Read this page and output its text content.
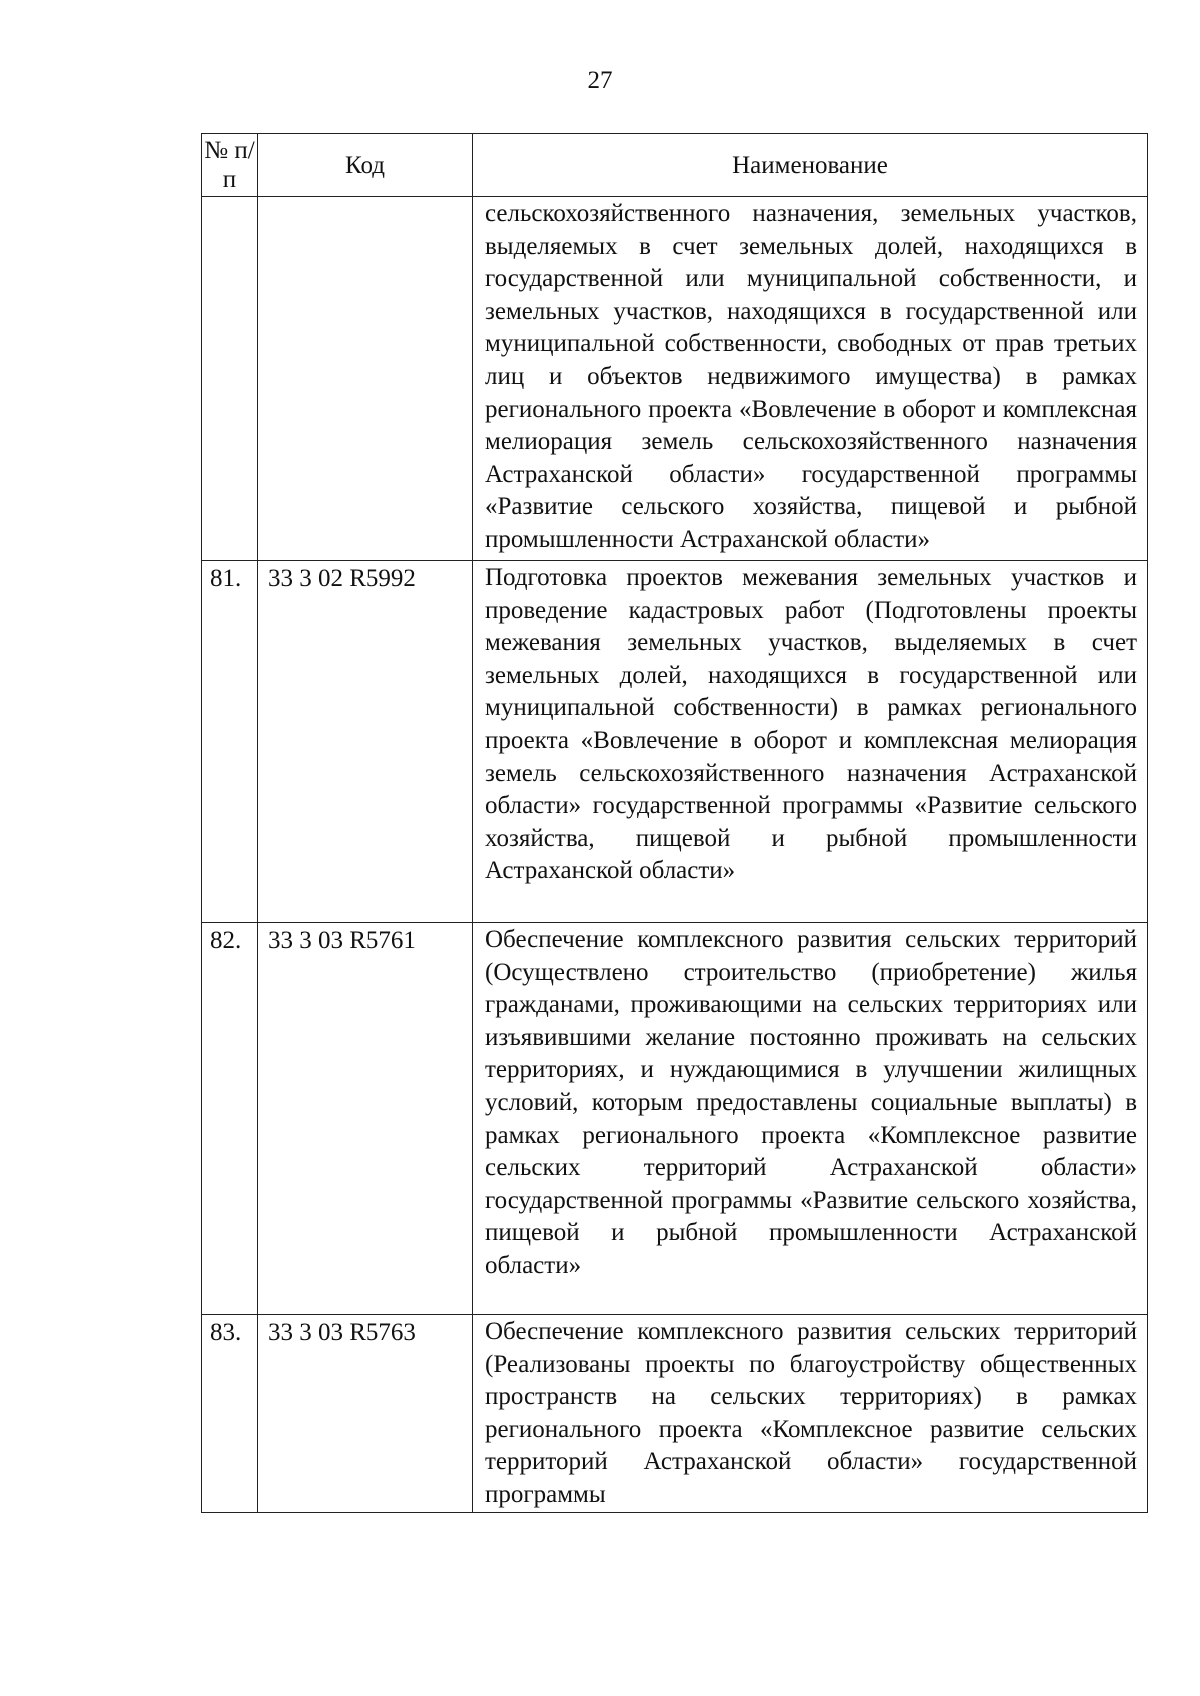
27
№ п/п	Код	Наименование
		сельскохозяйственного назначения, земельных участков, выделяемых в счет земельных долей, находящихся в государственной или муниципальной собственности, и земельных участков, находящихся в государственной или муниципальной собственности, свободных от прав третьих лиц и объектов недвижимого имущества) в рамках регионального проекта «Вовлечение в оборот и комплексная мелиорация земель сельскохозяйственного назначения Астраханской области» государственной программы «Развитие сельского хозяйства, пищевой и рыбной промышленности Астраханской области»
81.	33 3 02 R5992	Подготовка проектов межевания земельных участков и проведение кадастровых работ (Подготовлены проекты межевания земельных участков, выделяемых в счет земельных долей, находящихся в государственной или муниципальной собственности) в рамках регионального проекта «Вовлечение в оборот и комплексная мелиорация земель сельскохозяйственного назначения Астраханской области» государственной программы «Развитие сельского хозяйства, пищевой и рыбной промышленности Астраханской области»
82.	33 3 03 R5761	Обеспечение комплексного развития сельских территорий (Осуществлено строительство (приобретение) жилья гражданами, проживающими на сельских территориях или изъявившими желание постоянно проживать на сельских территориях, и нуждающимися в улучшении жилищных условий, которым предоставлены социальные выплаты) в рамках регионального проекта «Комплексное развитие сельских территорий Астраханской области» государственной программы «Развитие сельского хозяйства, пищевой и рыбной промышленности Астраханской области»
83.	33 3 03 R5763	Обеспечение комплексного развития сельских территорий (Реализованы проекты по благоустройству общественных пространств на сельских территориях) в рамках регионального проекта «Комплексное развитие сельских территорий Астраханской области» государственной программы
